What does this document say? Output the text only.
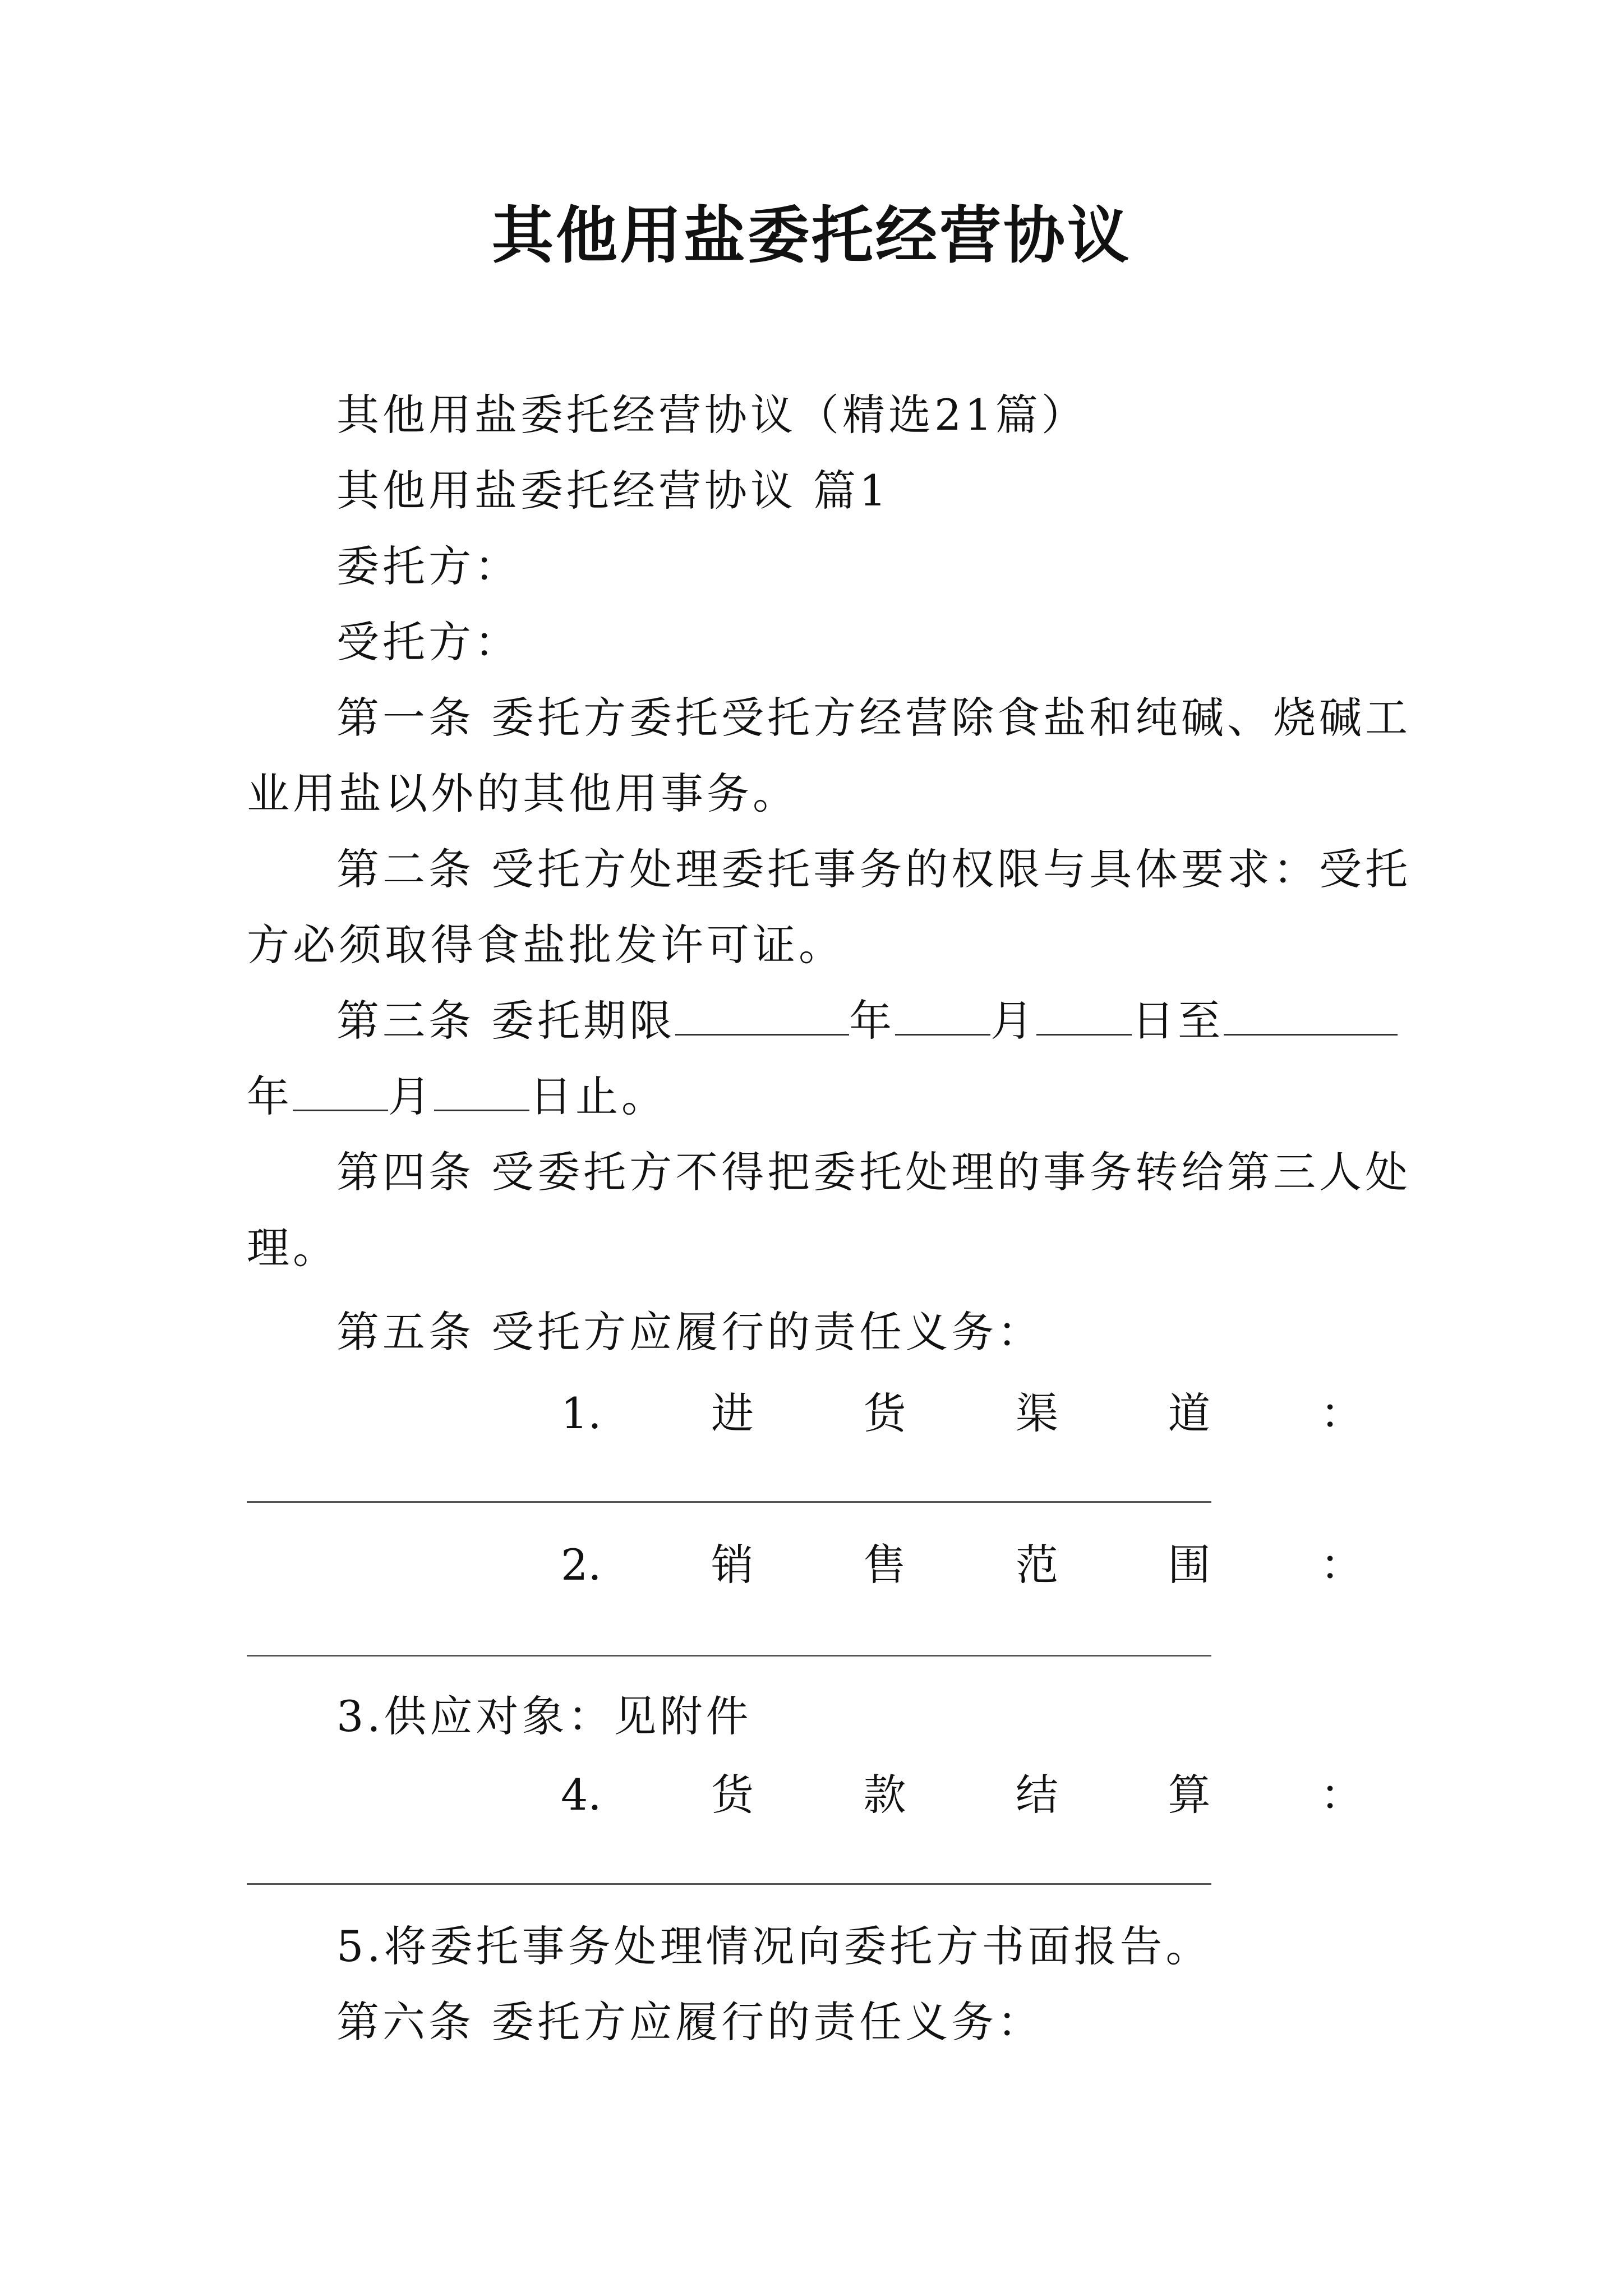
其他用盐委托经营协议
其他用盐委托经营协议（精选21篇）
其他用盐委托经营协议 篇1
委托方：
受托方：
第一条 委托方委托受托方经营除食盐和纯碱、烧碱工
业用盐以外的其他用事务。
第二条 受托方处理委托事务的权限与具体要求：受托
方必须取得食盐批发许可证。
第三条 委托期限	年 月 日至
年 月 日止。
第四条 受委托方不得把委托处理的事务转给第三人处
理。
第五条 受托方应履行的责任义务：
1.	进	货	渠	道	：
2.	销	售	范	围	：
3.供应对象：见附件
4.	货	款	结	算	：
5.将委托事务处理情况向委托方书面报告。
第六条 委托方应履行的责任义务：
